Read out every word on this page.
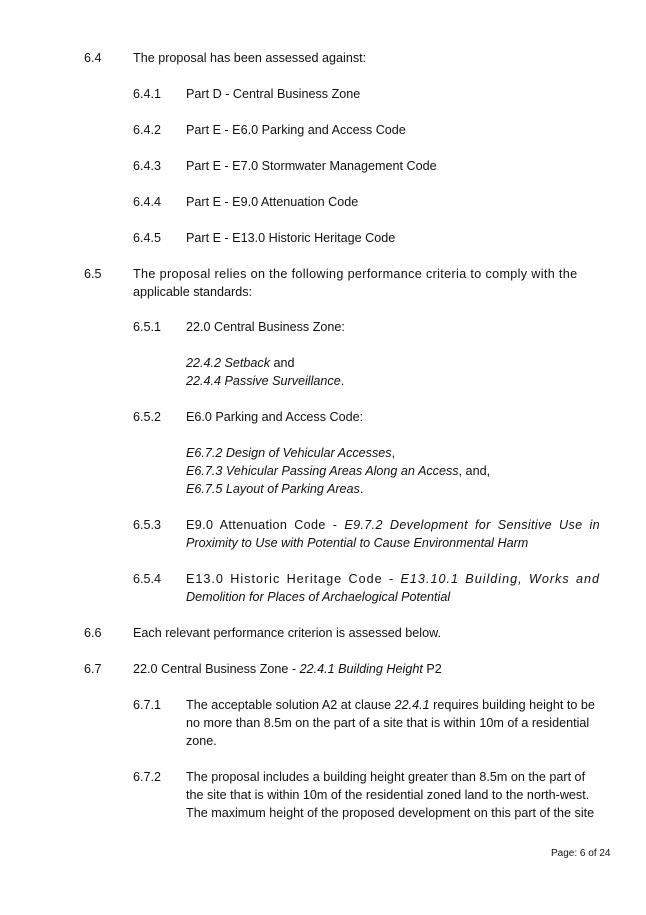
6.4 The proposal has been assessed against:
6.4.1 Part D - Central Business Zone
6.4.2 Part E - E6.0 Parking and Access Code
6.4.3 Part E - E7.0 Stormwater Management Code
6.4.4 Part E - E9.0 Attenuation Code
6.4.5 Part E - E13.0 Historic Heritage Code
6.5 The proposal relies on the following performance criteria to comply with the
applicable standards:
6.5.1 22.0 Central Business Zone:
22.4.2 Setback and
22.4.4 Passive Surveillance.
6.5.2 E6.0 Parking and Access Code:
E6.7.2 Design of Vehicular Accesses,
E6.7.3 Vehicular Passing Areas Along an Access, and,
E6.7.5 Layout of Parking Areas.
6.5.3 E9.0 Attenuation Code - E9.7.2 Development for Sensitive Use in
Proximity to Use with Potential to Cause Environmental Harm
6.5.4 E13.0 Historic Heritage Code - E13.10.1 Building, Works and
Demolition for Places of Archaelogical Potential
6.6 Each relevant performance criterion is assessed below.
6.7 22.0 Central Business Zone - 22.4.1 Building Height P2
6.7.1 The acceptable solution A2 at clause 22.4.1 requires building height to be
no more than 8.5m on the part of a site that is within 10m of a residential
zone.
6.7.2 The proposal includes a building height greater than 8.5m on the part of
the site that is within 10m of the residential zoned land to the north-west.
The maximum height of the proposed development on this part of the site
Page: 6 of 24
